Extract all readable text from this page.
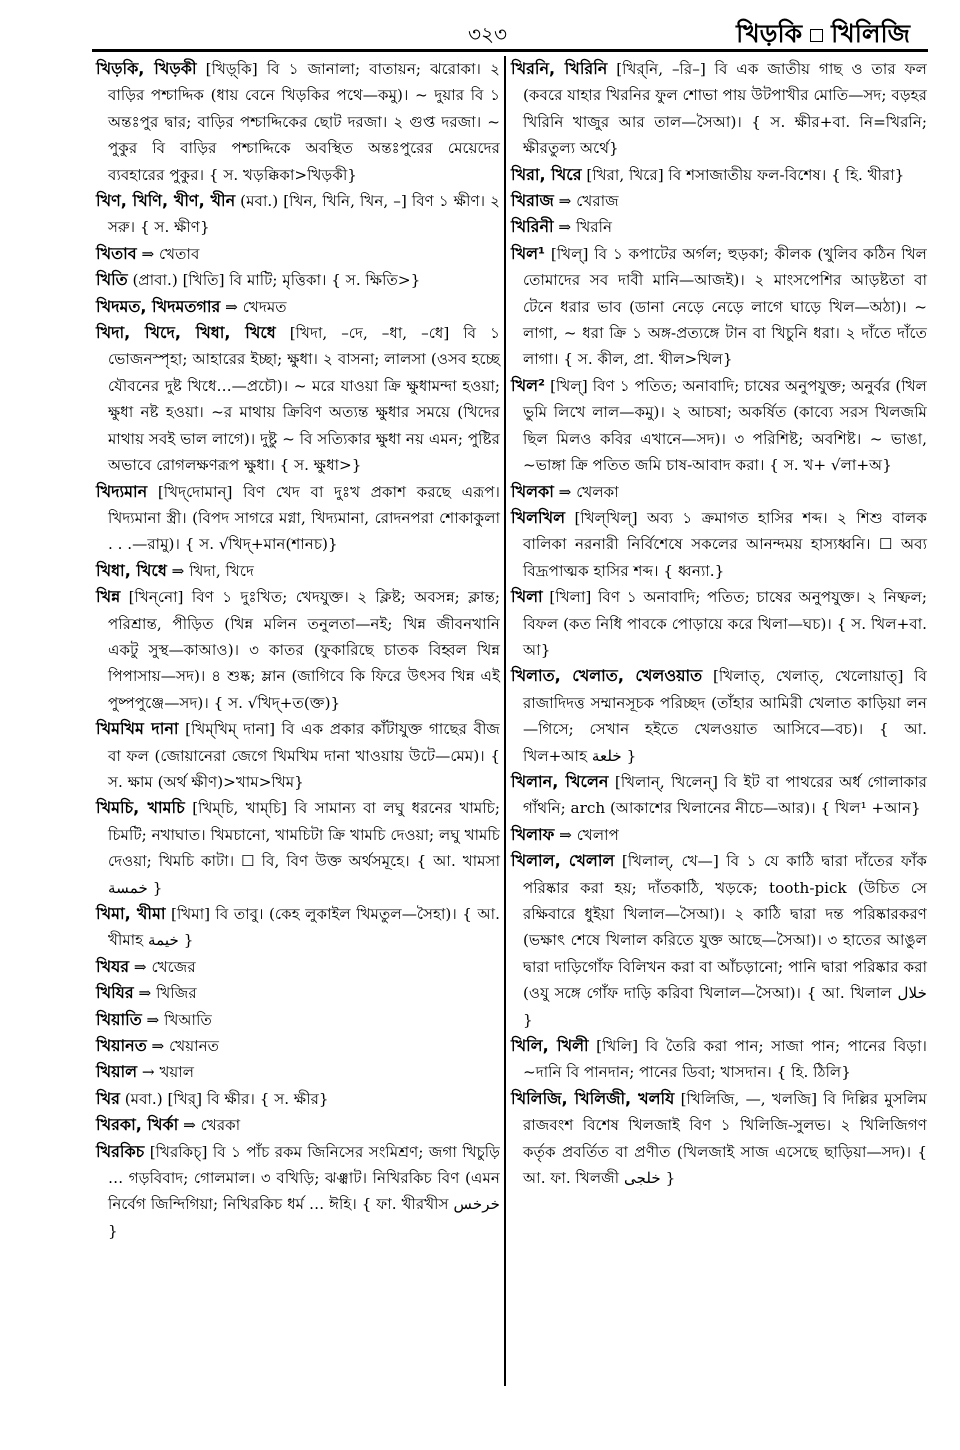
৩২৩	খিড়কি খিলিজি

খিড়কি, খিড়কী [খিড়্‌কি] বি ১ জানালা; বাতায়ন; ঝরোকা। ২ বাড়ির পশ্চাদ্দিক (ধায় বেনে খিড়কির পথে—কমু)। ~ দুয়ার বি ১ অন্তঃপুর দ্বার; বাড়ির পশ্চাদ্দিকের ছোট দরজা। ২ গুপ্ত দরজা। ~ পুকুর বি বাড়ির পশ্চাদ্দিকে অবস্থিত অন্তঃপুরের মেয়েদের ব্যবহারের পুকুর। { স. খড়ক্কিকা>খিড়কী}

খিণ, খিণি, খীণ, খীন (মবা.) [খিন, খিনি, খিন, –] বিণ ১ ক্ষীণ। ২ সরু। { স. ক্ষীণ}

খিতাব ⇒ খেতাব

খিতি (প্রাবা.) [খিতি] বি মাটি; মৃত্তিকা। { স. ক্ষিতি>}

খিদমত, খিদমতগার ⇒ খেদমত

খিদা, খিদে, খিধা, খিধে [খিদা, –দে, –ধা, –ধে] বি ১ ভোজনস্পৃহা; আহারের ইচ্ছা; ক্ষুধা। ২ বাসনা; লালসা (ওসব হচ্ছে যৌবনের দুষ্ট খিধে…—প্রচৌ)। ~ মরে যাওয়া ক্রি ক্ষুধামন্দা হওয়া; ক্ষুধা নষ্ট হওয়া। ~র মাথায় ক্রিবিণ অত্যন্ত ক্ষুধার সময়ে (খিদের মাথায় সবই ভাল লাগে)। দুষ্টু ~ বি সত্যিকার ক্ষুধা নয় এমন; পুষ্টির অভাবে রোগলক্ষণরূপ ক্ষুধা। { স. ক্ষুধা>}

খিদ্যমান [খিদ্‌দোমান্] বিণ খেদ বা দুঃখ প্রকাশ করছে এরূপ। খিদ্যমানা স্ত্রী। (বিপদ সাগরে মগ্না, খিদ্যমানা, রোদনপরা শোকাকুলা . . .—রামু)। { স. √খিদ্+মান(শানচ)}

খিধা, খিধে ⇒ খিদা, খিদে

খিন্ন [খিন্‌নো] বিণ ১ দুঃখিত; খেদযুক্ত। ২ ক্লিষ্ট; অবসন্ন; ক্লান্ত; পরিশ্রান্ত, পীড়িত (খিন্ন মলিন তনুলতা—নই; খিন্ন জীবনখানি একটু সুস্থ—কাআও)। ৩ কাতর (ফুকারিছে চাতক বিহ্বল খিন্ন পিপাসায়—সদ)। ৪ শুষ্ক; ম্লান (জাগিবে কি ফিরে উৎসব খিন্ন এই পুষ্পপুঞ্জে—সদ)। { স. √খিদ্+ত(ক্ত)}

খিমখিম দানা [খিম্‌খিম্ দানা] বি এক প্রকার কাঁটাযুক্ত গাছের বীজ বা ফল (জোয়ানেরা জেগে খিমখিম দানা খাওয়ায় উটে—মেম)। { স. ক্ষাম (অর্থ ক্ষীণ)>খাম>খিম}

খিমচি, খামচি [খিম্‌চি, খাম্‌চি] বি সামান্য বা লঘু ধরনের খামচি; চিমটি; নখাঘাত। খিমচানো, খামচিটা ক্রি খামচি দেওয়া; লঘু খামচি দেওয়া; খিমচি কাটা। ☐ বি, বিণ উক্ত অর্থসমূহে। { আ. খামসা خمسة }

খিমা, খীমা [খিমা] বি তাবু। (কেহ লুকাইল খিমতুল—সৈহা)। { আ. খীমাহ خيمة }

খিযর ⇒ খেজের

খিযির ⇒ খিজির

খিয়াতি ⇒ খিআতি

খিয়ানত ⇒ খেয়ানত

খিয়াল → খয়াল

খির (মবা.) [খির্] বি ক্ষীর। { স. ক্ষীর}

খিরকা, খির্কা ⇒ খেরকা

খিরকিচ [খিরকিচ্] বি ১ পাঁচ রকম জিনিসের সংমিশ্রণ; জগা খিচুড়ি … গড়বিবাদ; গোলমাল। ৩ বখিড়ি; ঝঞ্ঝাট। নিখিরকিচ বিণ (এমন নির্বেগ জিন্দিগিয়া; নিখিরকিচ ধর্ম … ঈহি। { ফা. খীরখীস خرخس }

খিরনি, খিরিনি [খির্‌নি, –রি–] বি এক জাতীয় গাছ ও তার ফল (কবরে যাহার খিরনির ফুল শোভা পায় উটপাখীর মোতি—সদ; বড়হর খিরিনি খাজুর আর তাল—সৈআ)। { স. ক্ষীর+বা. নি=খিরনি; ক্ষীরতুল্য অর্থে}

খিরা, খিরে [খিরা, খিরে] বি শসাজাতীয় ফল-বিশেষ। { হি. খীরা}

খিরাজ ⇒ খেরাজ

খিরিনী ⇒ খিরনি

খিল¹ [খিল্] বি ১ কপাটের অর্গল; হুড়কা; কীলক (খুলিব কঠিন খিল তোমাদের সব দাবী মানি—আজই)। ২ মাংসপেশির আড়ষ্টতা বা টেনে ধরার ভাব (ডানা নেড়ে নেড়ে লাগে ঘাড়ে খিল—অঠা)। ~ লাগা, ~ ধরা ক্রি ১ অঙ্গ-প্রত্যঙ্গে টান বা খিচুনি ধরা। ২ দাঁতে দাঁতে লাগা। { স. কীল, প্রা. খীল>খিল}

খিল² [খিল্] বিণ ১ পতিত; অনাবাদি; চাষের অনুপযুক্ত; অনুর্বর (খিল ভুমি লিখে লাল—কমু)। ২ আচষা; অকর্ষিত (কাব্যে সরস খিলজমি ছিল মিলও কবির এখানে—সদ)। ৩ পরিশিষ্ট; অবশিষ্ট। ~ ভাঙা, ~ভাঙ্গা ক্রি পতিত জমি চাষ-আবাদ করা। { স. খ+ √লা+অ}

খিলকা ⇒ খেলকা

খিলখিল [খিল্‌খিল্] অব্য ১ ক্রমাগত হাসির শব্দ। ২ শিশু বালক বালিকা নরনারী নির্বিশেষে সকলের আনন্দময় হাস্যধ্বনি। ☐ অব্য বিদ্রূপাত্মক হাসির শব্দ। { ধ্বন্যা.}

খিলা [খিলা] বিণ ১ অনাবাদি; পতিত; চাষের অনুপযুক্ত। ২ নিষ্ফল; বিফল (কত নিধি পাবকে পোড়ায়ে করে খিলা—ঘচ)। { স. খিল+বা. আ}

খিলাত, খেলাত, খেলওয়াত [খিলাত্, খেলাত্, খেলোয়াত্] বি রাজাদিদত্ত সম্মানসূচক পরিচ্ছদ (তাঁহার আমিরী খেলাত কাড়িয়া লন—গিসে; সেখান হইতে খেলওয়াত আসিবে—বচ)। { আ. খিল+আহ خلعة }

খিলান, খিলেন [খিলান্, খিলেন্] বি ইট বা পাথরের অর্ধ গোলাকার গাঁথনি; arch (আকাশের খিলানের নীচে—আর)। { খিল¹ +আন}

খিলাফ ⇒ খেলাপ

খিলাল, খেলাল [খিলাল্, খে—] বি ১ যে কাঠি দ্বারা দাঁতের ফাঁক পরিষ্কার করা হয়; দাঁতকাঠি, খড়কে; tooth-pick (উচিত সে রক্ষিবারে ধুইয়া খিলাল—সৈআ)। ২ কাঠি দ্বারা দন্ত পরিষ্কারকরণ (ভক্ষাৎ শেষে খিলাল করিতে যুক্ত আছে—সৈআ)। ৩ হাতের আঙুল দ্বারা দাড়িগোঁফ বিলিখন করা বা আঁচড়ানো; পানি দ্বারা পরিষ্কার করা (ওযু সঙ্গে গোঁফ দাড়ি করিবা খিলাল—সৈআ)। { আ. খিলাল خلال }

খিলি, খিলী [খিলি] বি তৈরি করা পান; সাজা পান; পানের বিড়া। ~দানি বি পানদান; পানের ডিবা; খাসদান। { হি. ঠিলি}

খিলিজি, খিলিজী, খলযি [খিলিজি, —, খলজি] বি দিল্লির মুসলিম রাজবংশ বিশেষ খিলজাই বিণ ১ খিলিজি-সুলভ। ২ খিলিজিগণ কর্তৃক প্রবর্তিত বা প্রণীত (খিলজাই সাজ এসেছে ছাড়িয়া—সদ)। { আ. ফা. খিলজী خلجی }
